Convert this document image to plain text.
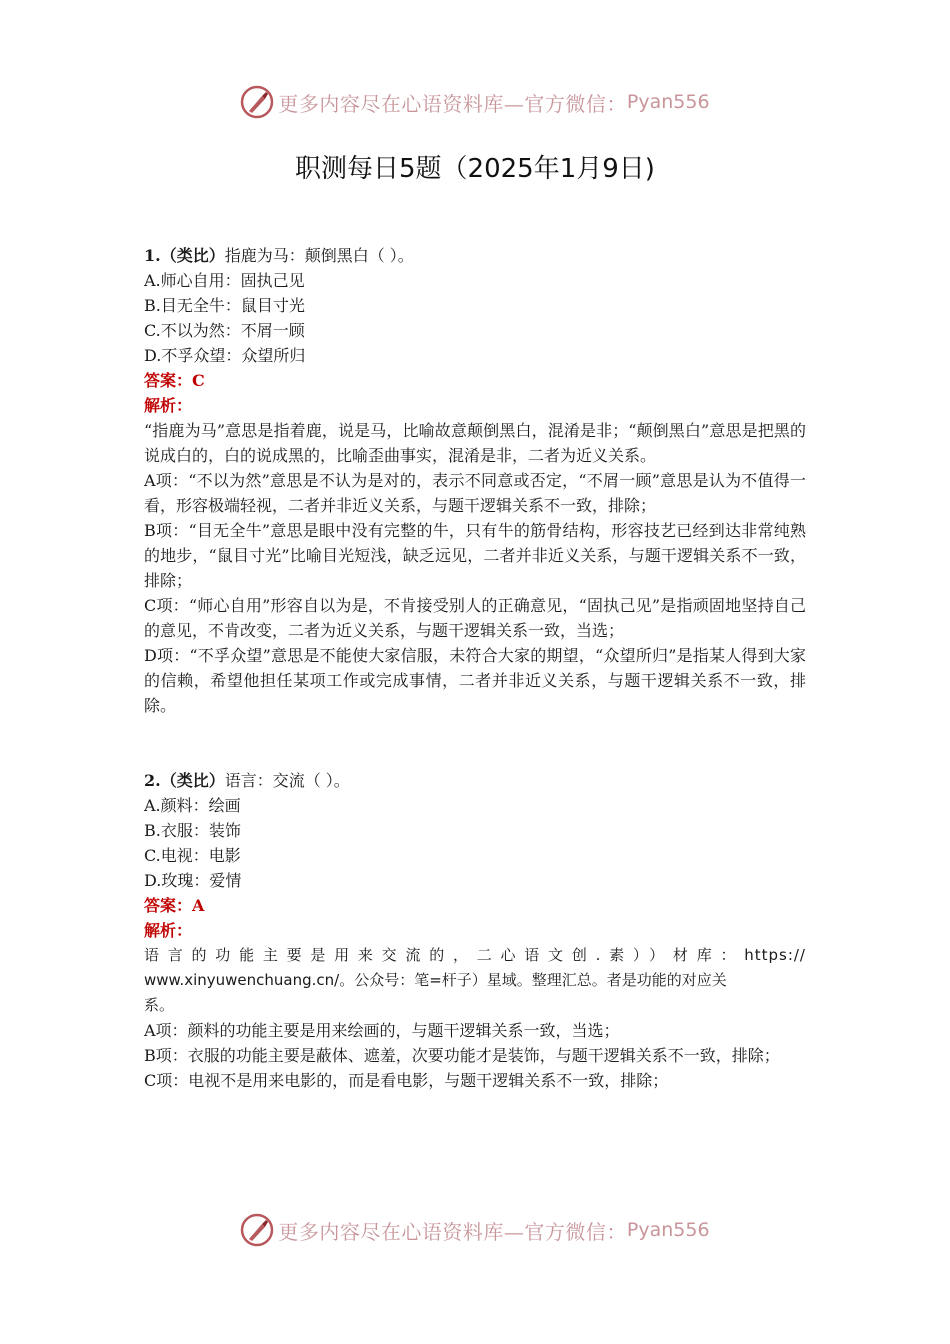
更多内容尽在心语资料库—官方微信： Pyan556
职测每日5题（2025年1月9日)

1.（类比）指鹿为马：颠倒黑白（ ）。

A.师心自用：固执己见

B.目无全牛：鼠目寸光

C.不以为然：不屑一顾

D.不孚众望：众望所归

答案：C

解析：

“指鹿为马”意思是指着鹿，说是马，比喻故意颠倒黑白，混淆是非；“颠倒黑白”意思是把黑的说成白的，白的说成黑的，比喻歪曲事实，混淆是非，二者为近义关系。

A项：“不以为然”意思是不认为是对的，表示不同意或否定，“不屑一顾”意思是认为不值得一看，形容极端轻视，二者并非近义关系，与题干逻辑关系不一致，排除；

B项：“目无全牛”意思是眼中没有完整的牛，只有牛的筋骨结构，形容技艺已经到达非常纯熟的地步，“鼠目寸光”比喻目光短浅，缺乏远见，二者并非近义关系，与题干逻辑关系不一致，排除；

C项：“师心自用”形容自以为是，不肯接受别人的正确意见，“固执己见”是指顽固地坚持自己的意见，不肯改变，二者为近义关系，与题干逻辑关系一致，当选；

D项：“不孚众望”意思是不能使大家信服，未符合大家的期望，“众望所归”是指某人得到大家的信赖，希望他担任某项工作或完成事情，二者并非近义关系，与题干逻辑关系不一致，排除。

2.（类比）语言：交流（ ）。

A.颜料：绘画

B.衣服：装饰

C.电视：电影

D.玫瑰：爱情

答案：A

解析：

语言的功能主要是用来交流的，二心语文创.素））材库：https://

www.xinyuwenchuang.cn/。公众号：笔=杆子）星域。整理汇总。者是功能的对应关

系。

A项：颜料的功能主要是用来绘画的，与题干逻辑关系一致，当选；

B项：衣服的功能主要是蔽体、遮羞，次要功能才是装饰，与题干逻辑关系不一致，排除；

C项：电视不是用来电影的，而是看电影，与题干逻辑关系不一致，排除；

更多内容尽在心语资料库—官方微信： Pyan556
